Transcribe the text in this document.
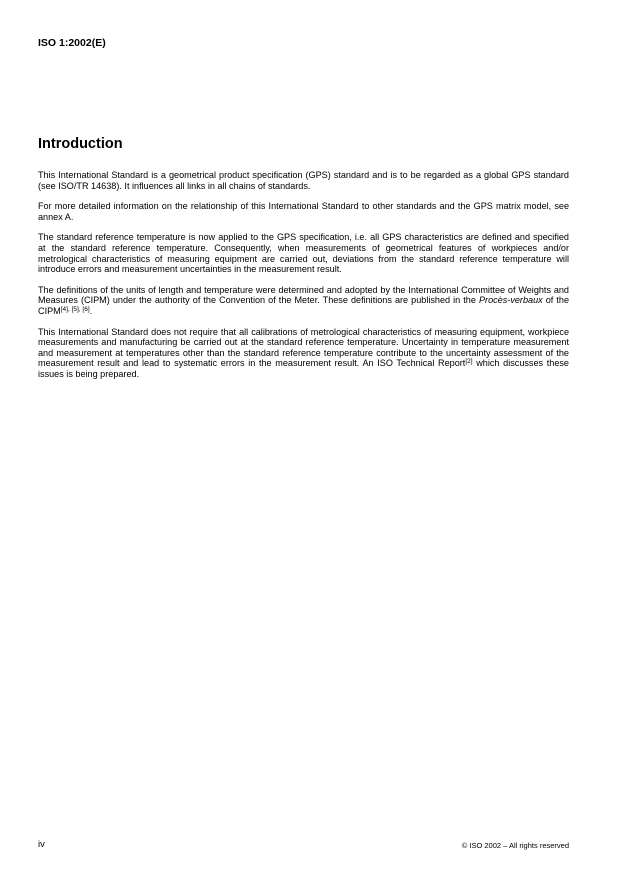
ISO 1:2002(E)
Introduction

This International Standard is a geometrical product specification (GPS) standard and is to be regarded as a global GPS standard (see ISO/TR 14638). It influences all links in all chains of standards.

For more detailed information on the relationship of this International Standard to other standards and the GPS matrix model, see annex A.

The standard reference temperature is now applied to the GPS specification, i.e. all GPS characteristics are defined and specified at the standard reference temperature. Consequently, when measurements of geometrical features of workpieces and/or metrological characteristics of measuring equipment are carried out, deviations from the standard reference temperature will introduce errors and measurement uncertainties in the measurement result.

The definitions of the units of length and temperature were determined and adopted by the International Committee of Weights and Measures (CIPM) under the authority of the Convention of the Meter. These definitions are published in the Procès-verbaux of the CIPM[4], [5], [6].

This International Standard does not require that all calibrations of metrological characteristics of measuring equipment, workpiece measurements and manufacturing be carried out at the standard reference temperature. Uncertainty in temperature measurement and measurement at temperatures other than the standard reference temperature contribute to the uncertainty assessment of the measurement result and lead to systematic errors in the measurement result. An ISO Technical Report[2] which discusses these issues is being prepared.

iv	© ISO 2002 – All rights reserved
